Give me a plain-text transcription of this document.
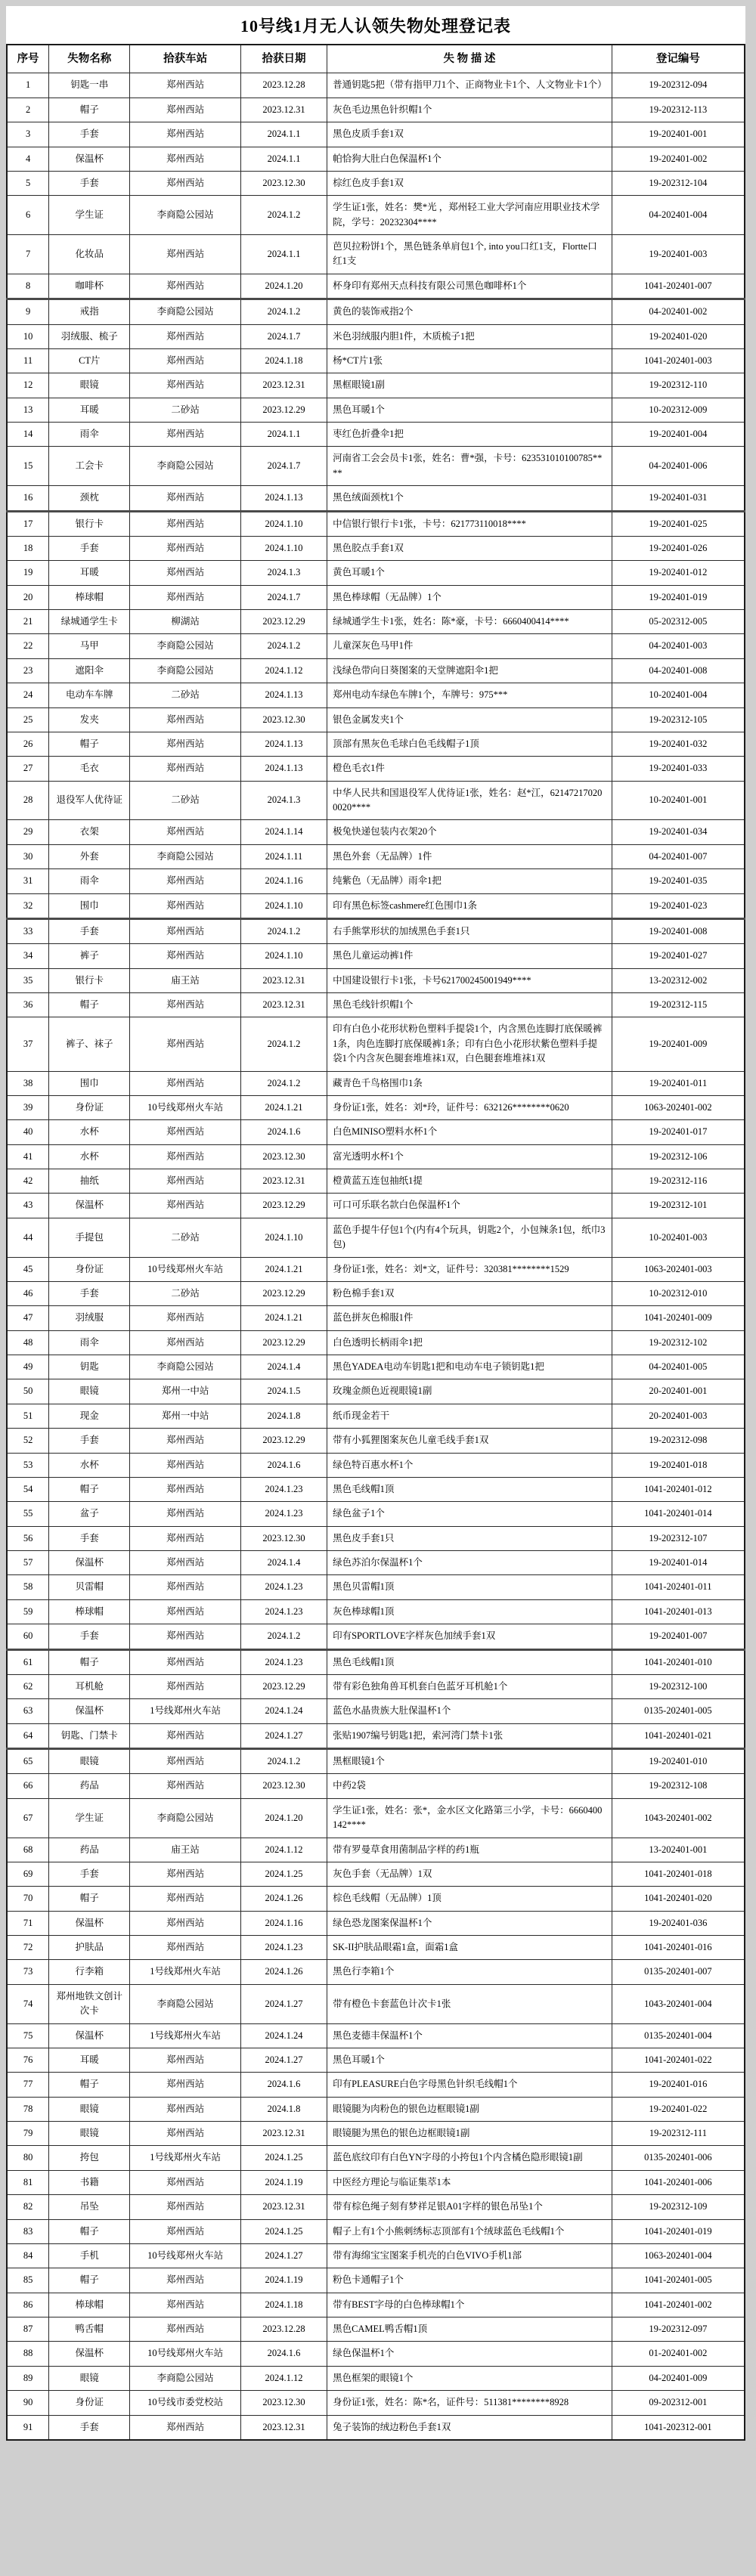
10号线1月无人认领失物处理登记表
序号	失物名称	拾获车站	拾获日期	失 物 描 述	登记编号
1	钥匙一串	郑州西站	2023.12.28	普通钥匙5把（带有指甲刀1个、正商物业卡1个、人文物业卡1个）	19-202312-094
2	帽子	郑州西站	2023.12.31	灰色毛边黑色针织帽1个	19-202312-113
3	手套	郑州西站	2024.1.1	黑色皮质手套1双	19-202401-001
4	保温杯	郑州西站	2024.1.1	帕恰狗大肚白色保温杯1个	19-202401-002
5	手套	郑州西站	2023.12.30	棕红色皮手套1双	19-202312-104
6	学生证	李商隐公园站	2024.1.2	学生证1张，姓名：樊*光 ，郑州轻工业大学河南应用职业技术学院，学号：20232304****	04-202401-004
7	化妆品	郑州西站	2024.1.1	芭贝拉粉饼1个，黑色链条单肩包1个, into you口红1支，Flortte口红1支	19-202401-003
8	咖啡杯	郑州西站	2024.1.20	杯身印有郑州天点科技有限公司黑色咖啡杯1个	1041-202401-007
9	戒指	李商隐公园站	2024.1.2	黄色的装饰戒指2个	04-202401-002
10	羽绒服、梳子	郑州西站	2024.1.7	米色羽绒服内胆1件，木质梳子1把	19-202401-020
11	CT片	郑州西站	2024.1.18	杨*CT片1张	1041-202401-003
12	眼镜	郑州西站	2023.12.31	黑框眼镜1副	19-202312-110
13	耳暖	二砂站	2023.12.29	黑色耳暖1个	10-202312-009
14	雨伞	郑州西站	2024.1.1	枣红色折叠伞1把	19-202401-004
15	工会卡	李商隐公园站	2024.1.7	河南省工会会员卡1张，姓名：曹*强，卡号：623531010100785****	04-202401-006
16	颈枕	郑州西站	2024.1.13	黑色绒面颈枕1个	19-202401-031
17	银行卡	郑州西站	2024.1.10	中信银行银行卡1张，卡号：621773110018****	19-202401-025
18	手套	郑州西站	2024.1.10	黑色胶点手套1双	19-202401-026
19	耳暖	郑州西站	2024.1.3	黄色耳暖1个	19-202401-012
20	棒球帽	郑州西站	2024.1.7	黑色棒球帽（无品牌）1个	19-202401-019
21	绿城通学生卡	柳湖站	2023.12.29	绿城通学生卡1张，姓名：陈*豪，卡号：6660400414****	05-202312-005
22	马甲	李商隐公园站	2024.1.2	儿童深灰色马甲1件	04-202401-003
23	遮阳伞	李商隐公园站	2024.1.12	浅绿色带向日葵图案的天堂牌遮阳伞1把	04-202401-008
24	电动车车牌	二砂站	2024.1.13	郑州电动车绿色车牌1个，车牌号：975***	10-202401-004
25	发夹	郑州西站	2023.12.30	银色金属发夹1个	19-202312-105
26	帽子	郑州西站	2024.1.13	顶部有黑灰色毛球白色毛线帽子1顶	19-202401-032
27	毛衣	郑州西站	2024.1.13	橙色毛衣1件	19-202401-033
28	退役军人优待证	二砂站	2024.1.3	中华人民共和国退役军人优待证1张，姓名：赵*江，621472170200020****	10-202401-001
29	衣架	郑州西站	2024.1.14	极兔快递包装内衣架20个	19-202401-034
30	外套	李商隐公园站	2024.1.11	黑色外套（无品牌）1件	04-202401-007
31	雨伞	郑州西站	2024.1.16	纯紫色（无品牌）雨伞1把	19-202401-035
32	围巾	郑州西站	2024.1.10	印有黑色标签cashmere红色围巾1条	19-202401-023
33	手套	郑州西站	2024.1.2	右手熊掌形状的加绒黑色手套1只	19-202401-008
34	裤子	郑州西站	2024.1.10	黑色儿童运动裤1件	19-202401-027
35	银行卡	庙王站	2023.12.31	中国建设银行卡1张，卡号621700245001949****	13-202312-002
36	帽子	郑州西站	2023.12.31	黑色毛线针织帽1个	19-202312-115
37	裤子、袜子	郑州西站	2024.1.2	印有白色小花形状粉色塑料手提袋1个，内含黑色连脚打底保暖裤1条，肉色连脚打底保暖裤1条；印有白色小花形状紫色塑料手提袋1个内含灰色腿套堆堆袜1双，白色腿套堆堆袜1双	19-202401-009
38	围巾	郑州西站	2024.1.2	藏青色千鸟格围巾1条	19-202401-011
39	身份证	10号线郑州火车站	2024.1.21	身份证1张，姓名：刘*玲，证件号：632126********0620	1063-202401-002
40	水杯	郑州西站	2024.1.6	白色MINISO塑料水杯1个	19-202401-017
41	水杯	郑州西站	2023.12.30	富光透明水杯1个	19-202312-106
42	抽纸	郑州西站	2023.12.31	橙黄蓝五连包抽纸1提	19-202312-116
43	保温杯	郑州西站	2023.12.29	可口可乐联名款白色保温杯1个	19-202312-101
44	手提包	二砂站	2024.1.10	蓝色手提牛仔包1个(内有4个玩具，钥匙2个，小包辣条1包，纸巾3包)	10-202401-003
45	身份证	10号线郑州火车站	2024.1.21	身份证1张，姓名：刘*文，证件号：320381********1529	1063-202401-003
46	手套	二砂站	2023.12.29	粉色棉手套1双	10-202312-010
47	羽绒服	郑州西站	2024.1.21	蓝色拼灰色棉服1件	1041-202401-009
48	雨伞	郑州西站	2023.12.29	白色透明长柄雨伞1把	19-202312-102
49	钥匙	李商隐公园站	2024.1.4	黑色YADEA电动车钥匙1把和电动车电子锁钥匙1把	04-202401-005
50	眼镜	郑州一中站	2024.1.5	玫瑰金颜色近视眼镜1副	20-202401-001
51	现金	郑州一中站	2024.1.8	纸币现金若干	20-202401-003
52	手套	郑州西站	2023.12.29	带有小狐狸图案灰色儿童毛线手套1双	19-202312-098
53	水杯	郑州西站	2024.1.6	绿色特百惠水杯1个	19-202401-018
54	帽子	郑州西站	2024.1.23	黑色毛线帽1顶	1041-202401-012
55	盆子	郑州西站	2024.1.23	绿色盆子1个	1041-202401-014
56	手套	郑州西站	2023.12.30	黑色皮手套1只	19-202312-107
57	保温杯	郑州西站	2024.1.4	绿色苏泊尔保温杯1个	19-202401-014
58	贝雷帽	郑州西站	2024.1.23	黑色贝雷帽1顶	1041-202401-011
59	棒球帽	郑州西站	2024.1.23	灰色棒球帽1顶	1041-202401-013
60	手套	郑州西站	2024.1.2	印有SPORTLOVE字样灰色加绒手套1双	19-202401-007
61	帽子	郑州西站	2024.1.23	黑色毛线帽1顶	1041-202401-010
62	耳机舱	郑州西站	2023.12.29	带有彩色独角兽耳机套白色蓝牙耳机舱1个	19-202312-100
63	保温杯	1号线郑州火车站	2024.1.24	蓝色水晶贵族大肚保温杯1个	0135-202401-005
64	钥匙、门禁卡	郑州西站	2024.1.27	张贴1907编号钥匙1把，索河湾门禁卡1张	1041-202401-021
65	眼镜	郑州西站	2024.1.2	黑框眼镜1个	19-202401-010
66	药品	郑州西站	2023.12.30	中药2袋	19-202312-108
67	学生证	李商隐公园站	2024.1.20	学生证1张，姓名：张*，金水区文化路第三小学，卡号：6660400142****	1043-202401-002
68	药品	庙王站	2024.1.12	带有罗曼草食用菌制品字样的药1瓶	13-202401-001
69	手套	郑州西站	2024.1.25	灰色手套（无品牌）1双	1041-202401-018
70	帽子	郑州西站	2024.1.26	棕色毛线帽（无品牌）1顶	1041-202401-020
71	保温杯	郑州西站	2024.1.16	绿色恐龙图案保温杯1个	19-202401-036
72	护肤品	郑州西站	2024.1.23	SK-II护肤品眼霜1盒，面霜1盒	1041-202401-016
73	行李箱	1号线郑州火车站	2024.1.26	黑色行李箱1个	0135-202401-007
74	郑州地铁文创计次卡	李商隐公园站	2024.1.27	带有橙色卡套蓝色计次卡1张	1043-202401-004
75	保温杯	1号线郑州火车站	2024.1.24	黑色麦德丰保温杯1个	0135-202401-004
76	耳暖	郑州西站	2024.1.27	黑色耳暖1个	1041-202401-022
77	帽子	郑州西站	2024.1.6	印有PLEASURE白色字母黑色针织毛线帽1个	19-202401-016
78	眼镜	郑州西站	2024.1.8	眼镜腿为肉粉色的银色边框眼镜1副	19-202401-022
79	眼镜	郑州西站	2023.12.31	眼镜腿为黑色的银色边框眼镜1副	19-202312-111
80	挎包	1号线郑州火车站	2024.1.25	蓝色底纹印有白色YN字母的小挎包1个内含橘色隐形眼镜1副	0135-202401-006
81	书籍	郑州西站	2024.1.19	中医经方理论与临证集萃1本	1041-202401-006
82	吊坠	郑州西站	2023.12.31	带有棕色绳子刻有梦祥足银A01字样的银色吊坠1个	19-202312-109
83	帽子	郑州西站	2024.1.25	帽子上有1个小熊刺绣标志顶部有1个绒球蓝色毛线帽1个	1041-202401-019
84	手机	10号线郑州火车站	2024.1.27	带有海绵宝宝图案手机壳的白色VIVO手机1部	1063-202401-004
85	帽子	郑州西站	2024.1.19	粉色卡通帽子1个	1041-202401-005
86	棒球帽	郑州西站	2024.1.18	带有BEST字母的白色棒球帽1个	1041-202401-002
87	鸭舌帽	郑州西站	2023.12.28	黑色CAMEL鸭舌帽1顶	19-202312-097
88	保温杯	10号线郑州火车站	2024.1.6	绿色保温杯1个	01-202401-002
89	眼镜	李商隐公园站	2024.1.12	黑色框架的眼镜1个	04-202401-009
90	身份证	10号线市委党校站	2023.12.30	身份证1张，姓名：陈*名，证件号：511381********8928	09-202312-001
91	手套	郑州西站	2023.12.31	兔子装饰的绒边粉色手套1双	1041-202312-001
